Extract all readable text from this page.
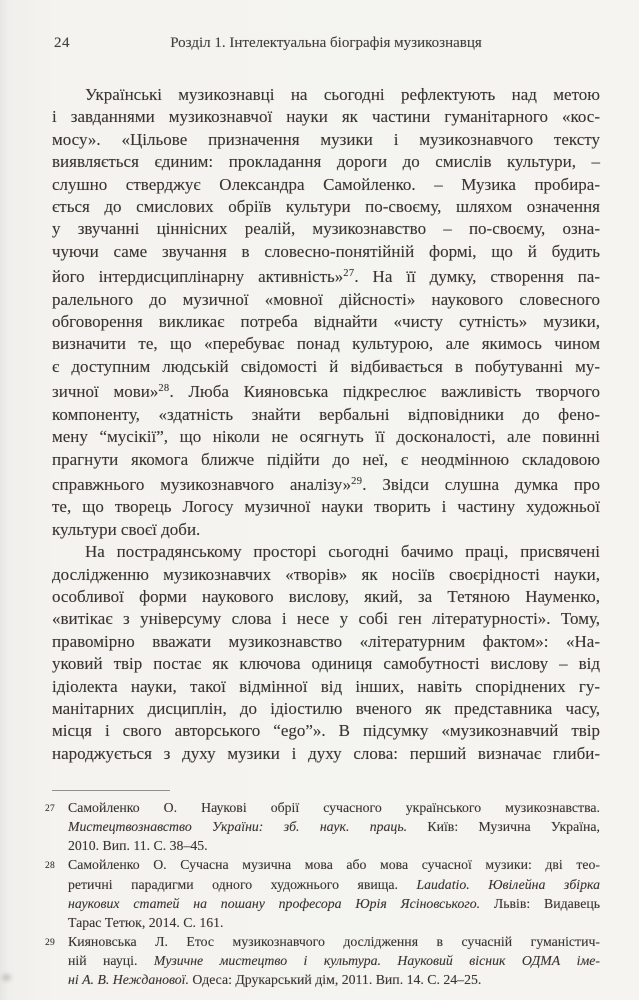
24	Розділ 1. Інтелектуальна біографія музикознавця
Українські музикознавці на сьогодні рефлектують над метою
і завданнями музикознавчої науки як частини гуманітарного «кос-
мосу». «Цільове призначення музики і музикознавчого тексту
виявляється єдиним: прокладання дороги до смислів культури, –
слушно стверджує Олександра Самойленко. – Музика пробира-
ється до смислових обріїв культури по-своєму, шляхом означення
у звучанні ціннісних реалій, музикознавство – по-своєму, озна-
чуючи саме звучання в словесно-понятійній формі, що й будить
його інтердисциплінарну активність»$^{27}$. На її думку, створення па-
ралельного до музичної «мовної дійсності» наукового словесного
обговорення викликає потреба віднайти «чисту сутність» музики,
визначити те, що «перебуває понад культурою, але якимось чином
є доступним людській свідомості й відбивається в побутуванні му-
зичної мови»$^{28}$. Люба Кияновська підкреслює важливість творчого
компоненту, «здатність знайти вербальні відповідники до фено-
мену “мусікії”, що ніколи не осягнуть її досконалості, але повинні
прагнути якомога ближче підійти до неї, є неодмінною складовою
справжнього музикознавчого аналізу»$^{29}$. Звідси слушна думка про
те, що творець Логосу музичної науки творить і частину художньої
культури своєї доби.
На пострадянському просторі сьогодні бачимо праці, присвячені
дослідженню музикознавчих «творів» як носіїв своєрідності науки,
особливої форми наукового вислову, який, за Тетяною Науменко,
«витікає з універсуму слова і несе у собі ген літературності». Тому,
правомірно вважати музикознавство «літературним фактом»: «На-
уковий твір постає як ключова одиниця самобутності вислову – від
ідіолекта науки, такої відмінної від інших, навіть споріднених гу-
манітарних дисциплін, до ідіостилю вченого як представника часу,
місця і свого авторського “ego”». В підсумку «музикознавчий твір
народжується з духу музики і духу слова: перший визначає глиби-
27 Самойленко О. Наукові обрії сучасного українського музикознавства.
Мистецтвознавство України: зб. наук. праць. Київ: Музична Україна,
2010. Вип. 11. С. 38–45.
28 Самойленко О. Сучасна музична мова або мова сучасної музики: дві тео-
ретичні парадигми одного художнього явища. Laudatio. Ювілейна збірка
наукових статей на пошану професора Юрія Ясіновського. Львів: Видавець
Тарас Тетюк, 2014. С. 161.
29 Кияновська Л. Етос музикознавчого дослідження в сучасній гуманістич-
ній науці. Музичне мистецтво і культура. Науковий вісник ОДМА іме-
ні А. В. Нежданової. Одеса: Друкарський дім, 2011. Вип. 14. С. 24–25.
